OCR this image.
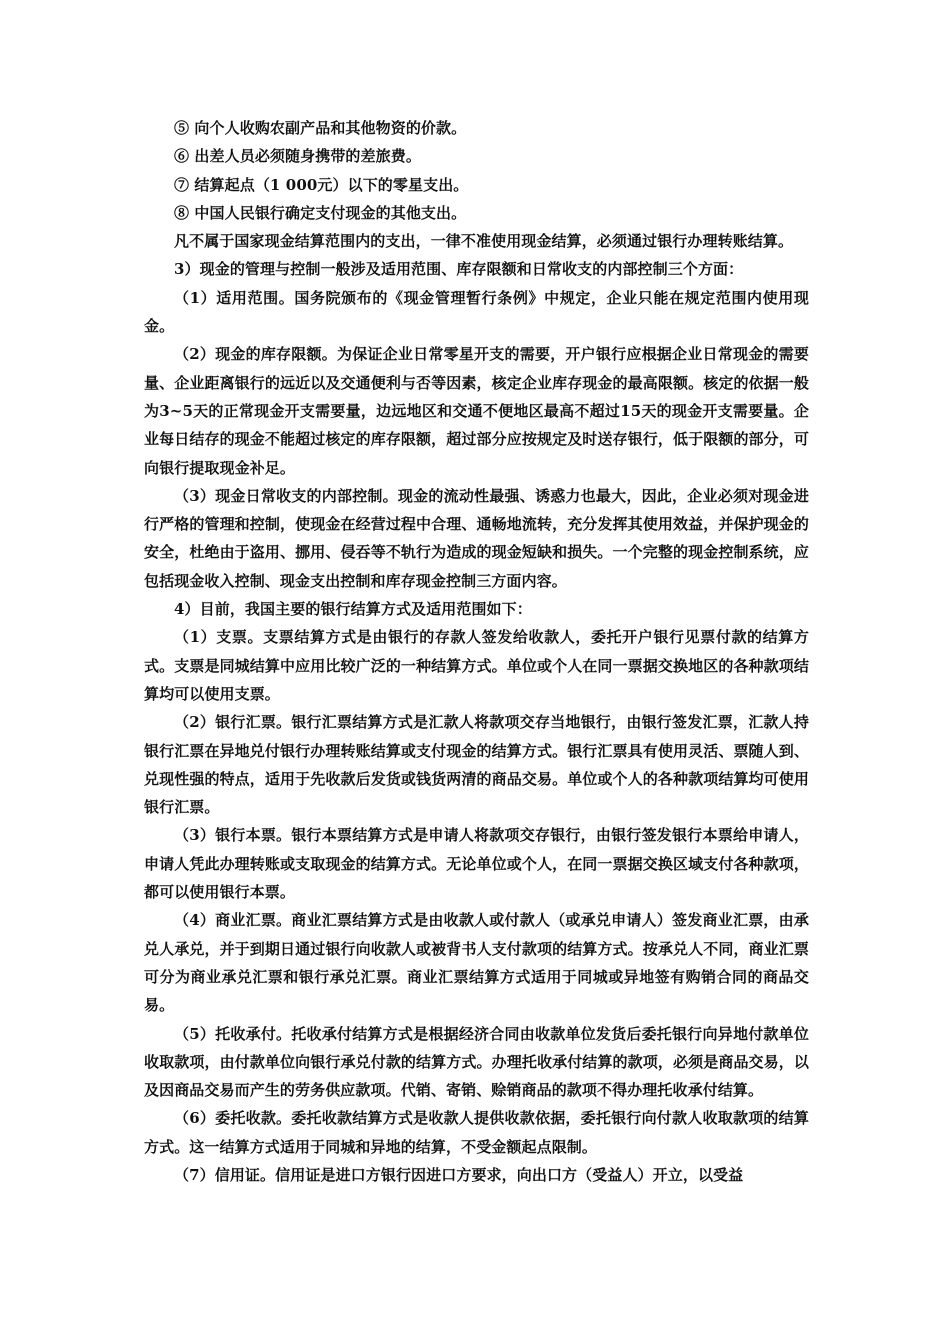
⑤ 向个人收购农副产品和其他物资的价款。

⑥ 出差人员必须随身携带的差旅费。

⑦ 结算起点（1 000元）以下的零星支出。

⑧ 中国人民银行确定支付现金的其他支出。

凡不属于国家现金结算范围内的支出，一律不准使用现金结算，必须通过银行办理转账结算。

3）现金的管理与控制一般涉及适用范围、库存限额和日常收支的内部控制三个方面：

（1）适用范围。国务院颁布的《现金管理暂行条例》中规定，企业只能在规定范围内使用现金。

（2）现金的库存限额。为保证企业日常零星开支的需要，开户银行应根据企业日常现金的需要量、企业距离银行的远近以及交通便利与否等因素，核定企业库存现金的最高限额。核定的依据一般为3~5天的正常现金开支需要量，边远地区和交通不便地区最高不超过15天的现金开支需要量。企业每日结存的现金不能超过核定的库存限额，超过部分应按规定及时送存银行，低于限额的部分，可向银行提取现金补足。

（3）现金日常收支的内部控制。现金的流动性最强、诱惑力也最大，因此，企业必须对现金进行严格的管理和控制，使现金在经营过程中合理、通畅地流转，充分发挥其使用效益，并保护现金的安全，杜绝由于盗用、挪用、侵吞等不轨行为造成的现金短缺和损失。一个完整的现金控制系统，应包括现金收入控制、现金支出控制和库存现金控制三方面内容。

4）目前，我国主要的银行结算方式及适用范围如下：

（1）支票。支票结算方式是由银行的存款人签发给收款人，委托开户银行见票付款的结算方式。支票是同城结算中应用比较广泛的一种结算方式。单位或个人在同一票据交换地区的各种款项结算均可以使用支票。

（2）银行汇票。银行汇票结算方式是汇款人将款项交存当地银行，由银行签发汇票，汇款人持银行汇票在异地兑付银行办理转账结算或支付现金的结算方式。银行汇票具有使用灵活、票随人到、兑现性强的特点，适用于先收款后发货或钱货两清的商品交易。单位或个人的各种款项结算均可使用银行汇票。

（3）银行本票。银行本票结算方式是申请人将款项交存银行，由银行签发银行本票给申请人，申请人凭此办理转账或支取现金的结算方式。无论单位或个人，在同一票据交换区域支付各种款项，都可以使用银行本票。

（4）商业汇票。商业汇票结算方式是由收款人或付款人（或承兑申请人）签发商业汇票，由承兑人承兑，并于到期日通过银行向收款人或被背书人支付款项的结算方式。按承兑人不同，商业汇票可分为商业承兑汇票和银行承兑汇票。商业汇票结算方式适用于同城或异地签有购销合同的商品交易。

（5）托收承付。托收承付结算方式是根据经济合同由收款单位发货后委托银行向异地付款单位收取款项，由付款单位向银行承兑付款的结算方式。办理托收承付结算的款项，必须是商品交易，以及因商品交易而产生的劳务供应款项。代销、寄销、赊销商品的款项不得办理托收承付结算。

（6）委托收款。委托收款结算方式是收款人提供收款依据，委托银行向付款人收取款项的结算方式。这一结算方式适用于同城和异地的结算，不受金额起点限制。

（7）信用证。信用证是进口方银行因进口方要求，向出口方（受益人）开立，以受益
